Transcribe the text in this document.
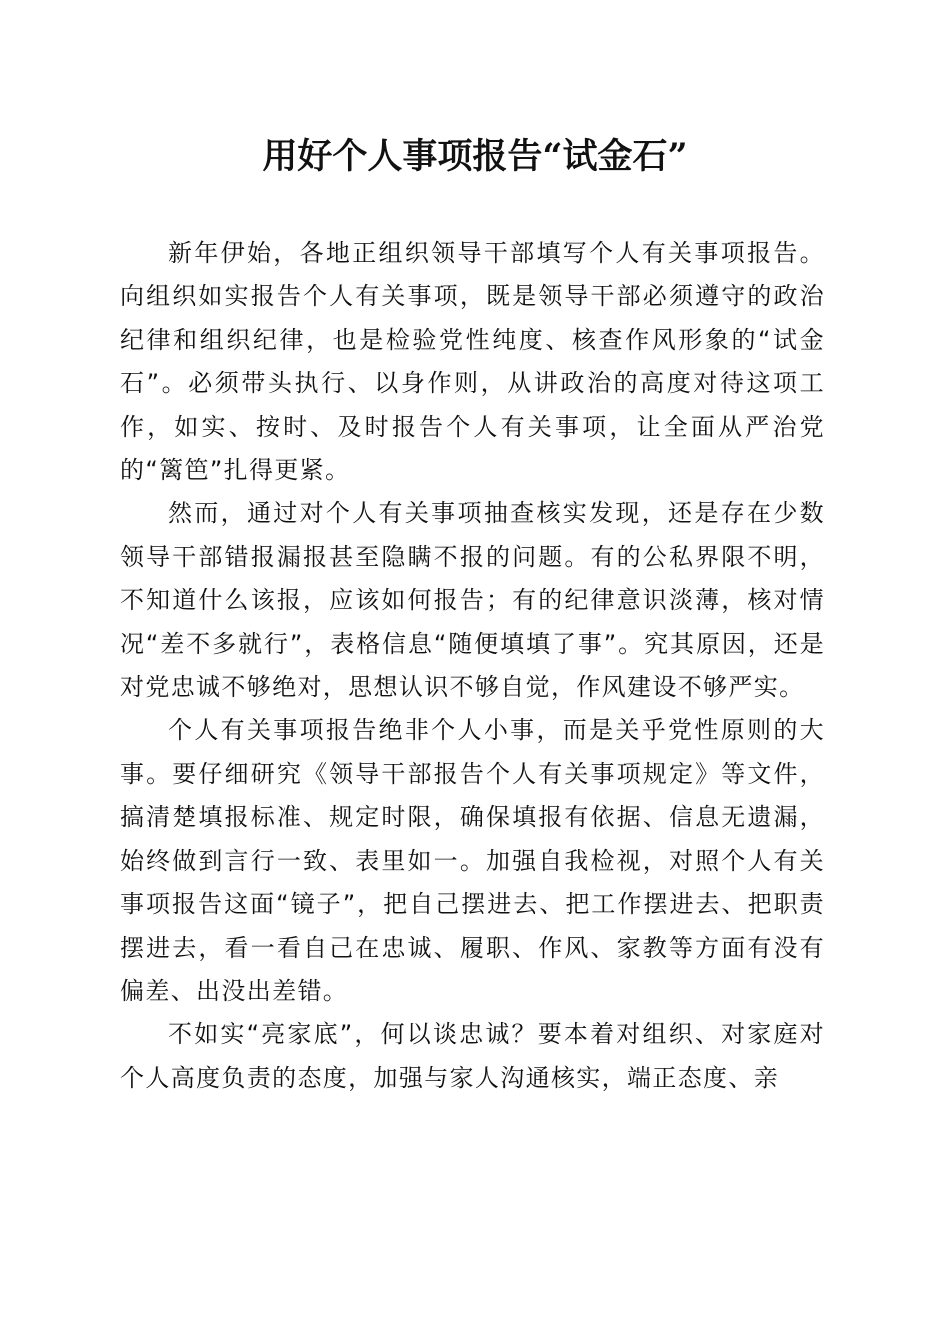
用好个人事项报告“试金石”

新年伊始，各地正组织领导干部填写个人有关事项报告。向组织如实报告个人有关事项，既是领导干部必须遵守的政治纪律和组织纪律，也是检验党性纯度、核查作风形象的“试金石”。必须带头执行、以身作则，从讲政治的高度对待这项工作，如实、按时、及时报告个人有关事项，让全面从严治党的“篱笆”扎得更紧。

然而，通过对个人有关事项抽查核实发现，还是存在少数领导干部错报漏报甚至隐瞒不报的问题。有的公私界限不明，不知道什么该报，应该如何报告；有的纪律意识淡薄，核对情况“差不多就行”，表格信息“随便填填了事”。究其原因，还是对党忠诚不够绝对，思想认识不够自觉，作风建设不够严实。

个人有关事项报告绝非个人小事，而是关乎党性原则的大事。要仔细研究《领导干部报告个人有关事项规定》等文件，搞清楚填报标准、规定时限，确保填报有依据、信息无遗漏，始终做到言行一致、表里如一。加强自我检视，对照个人有关事项报告这面“镜子”，把自己摆进去、把工作摆进去、把职责摆进去，看一看自己在忠诚、履职、作风、家教等方面有没有偏差、出没出差错。

不如实“亮家底”，何以谈忠诚？要本着对组织、对家庭对个人高度负责的态度，加强与家人沟通核实，端正态度、亲
